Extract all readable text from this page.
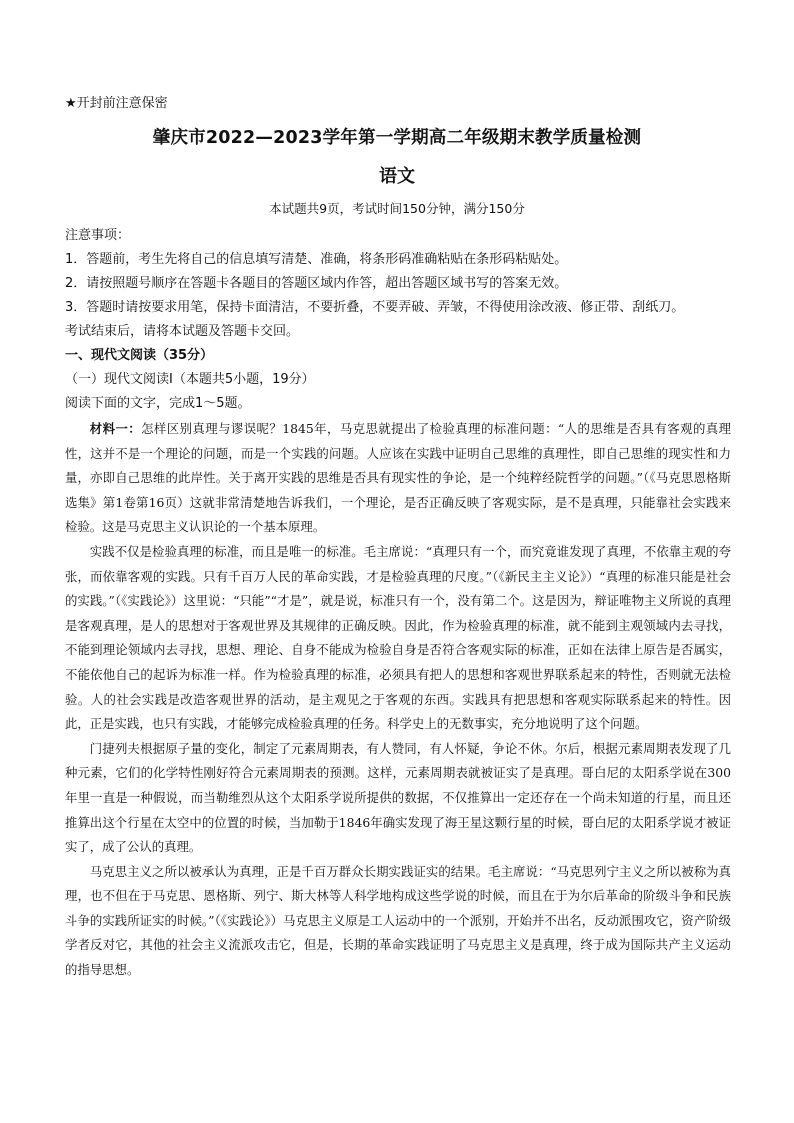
★开封前注意保密
肇庆市2022—2023学年第一学期高二年级期末教学质量检测
语文
本试题共9页，考试时间150分钟，满分150分
注意事项：
1．答题前，考生先将自己的信息填写清楚、准确，将条形码准确粘贴在条形码粘贴处。
2．请按照题号顺序在答题卡各题目的答题区域内作答，超出答题区域书写的答案无效。
3．答题时请按要求用笔，保持卡面清洁，不要折叠，不要弄破、弄皱，不得使用涂改液、修正带、刮纸刀。
考试结束后，请将本试题及答题卡交回。
一、现代文阅读（35分）
（一）现代文阅读Ⅰ（本题共5小题，19分）
阅读下面的文字，完成1～5题。

材料一：怎样区别真理与谬误呢？1845年，马克思就提出了检验真理的标准问题：“人的思维是否具有客观的真理性，这并不是一个理论的问题，而是一个实践的问题。人应该在实践中证明自己思维的真理性，即自己思维的现实性和力量，亦即自己思维的此岸性。关于离开实践的思维是否具有现实性的争论，是一个纯粹经院哲学的问题。”（《马克思恩格斯选集》第1卷第16页）这就非常清楚地告诉我们，一个理论，是否正确反映了客观实际，是不是真理，只能靠社会实践来检验。这是马克思主义认识论的一个基本原理。

实践不仅是检验真理的标准，而且是唯一的标准。毛主席说：“真理只有一个，而究竟谁发现了真理，不依靠主观的夸张，而依靠客观的实践。只有千百万人民的革命实践，才是检验真理的尺度。”（《新民主主义论》）“真理的标准只能是社会的实践。”（《实践论》）这里说：“只能”“才是”，就是说，标准只有一个，没有第二个。这是因为，辩证唯物主义所说的真理是客观真理，是人的思想对于客观世界及其规律的正确反映。因此，作为检验真理的标准，就不能到主观领域内去寻找，不能到理论领域内去寻找，思想、理论、自身不能成为检验自身是否符合客观实际的标准，正如在法律上原告是否属实，不能依他自己的起诉为标准一样。作为检验真理的标准，必须具有把人的思想和客观世界联系起来的特性，否则就无法检验。人的社会实践是改造客观世界的活动，是主观见之于客观的东西。实践具有把思想和客观实际联系起来的特性。因此，正是实践，也只有实践，才能够完成检验真理的任务。科学史上的无数事实，充分地说明了这个问题。

门捷列夫根据原子量的变化，制定了元素周期表，有人赞同，有人怀疑，争论不休。尔后，根据元素周期表发现了几种元素，它们的化学特性刚好符合元素周期表的预测。这样，元素周期表就被证实了是真理。哥白尼的太阳系学说在300年里一直是一种假说，而当勒维烈从这个太阳系学说所提供的数据，不仅推算出一定还存在一个尚未知道的行星，而且还推算出这个行星在太空中的位置的时候，当加勒于1846年确实发现了海王星这颗行星的时候，哥白尼的太阳系学说才被证实了，成了公认的真理。

马克思主义之所以被承认为真理，正是千百万群众长期实践证实的结果。毛主席说：“马克思列宁主义之所以被称为真理，也不但在于马克思、恩格斯、列宁、斯大林等人科学地构成这些学说的时候，而且在于为尔后革命的阶级斗争和民族斗争的实践所证实的时候。”（《实践论》）马克思主义原是工人运动中的一个派别，开始并不出名，反动派围攻它，资产阶级学者反对它，其他的社会主义流派攻击它，但是，长期的革命实践证明了马克思主义是真理，终于成为国际共产主义运动的指导思想。
